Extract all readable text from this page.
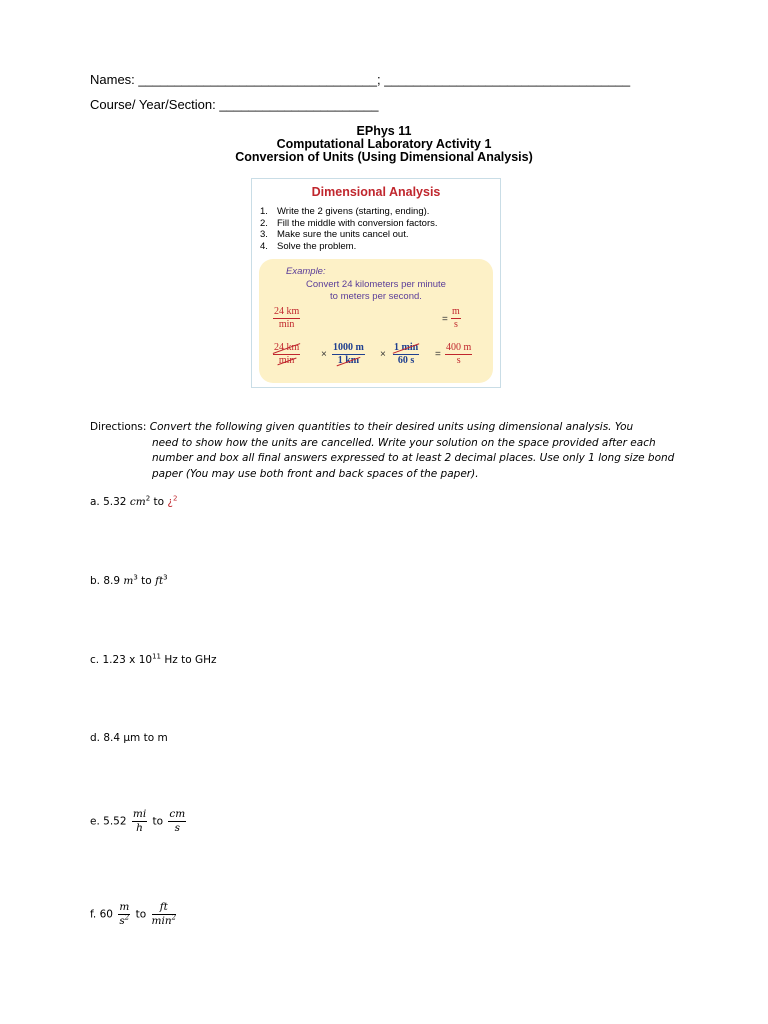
Names: _________________________________; __________________________________
Course/ Year/Section: ______________________
EPhys 11
Computational Laboratory Activity 1
Conversion of Units (Using Dimensional Analysis)
Dimensional Analysis
1. Write the 2 givens (starting, ending).
2. Fill the middle with conversion factors.
3. Make sure the units cancel out.
4. Solve the problem.
Example:
Convert 24 kilometers per minute
to meters per second.
24 km
min	= $\frac{m}{s}$
24 km
min
× $\frac{1000 m}{1 km}$ ×
1 min
60 s
= $\frac{400 m}{s}$
Directions: Convert the following given quantities to their desired units using dimensional analysis. You
need to show how the units are cancelled. Write your solution on the space provided after each number and box all final answers expressed to at least 2 decimal places. Use only 1 long size bond paper (You may use both front and back spaces of the paper).
a. 5.32 $cm^2$ to ¿$^2$
b. 8.9 $m^3$ to $ft^3$
c. 1.23 x $10^{11}$ Hz to GHz
d. 8.4 µm to m
e. $5.52 \frac{mi}{h}$ to $\frac{cm}{s}$
f. $60 \frac{m}{s^2}$ to $\frac{ft}{\min^2}$
